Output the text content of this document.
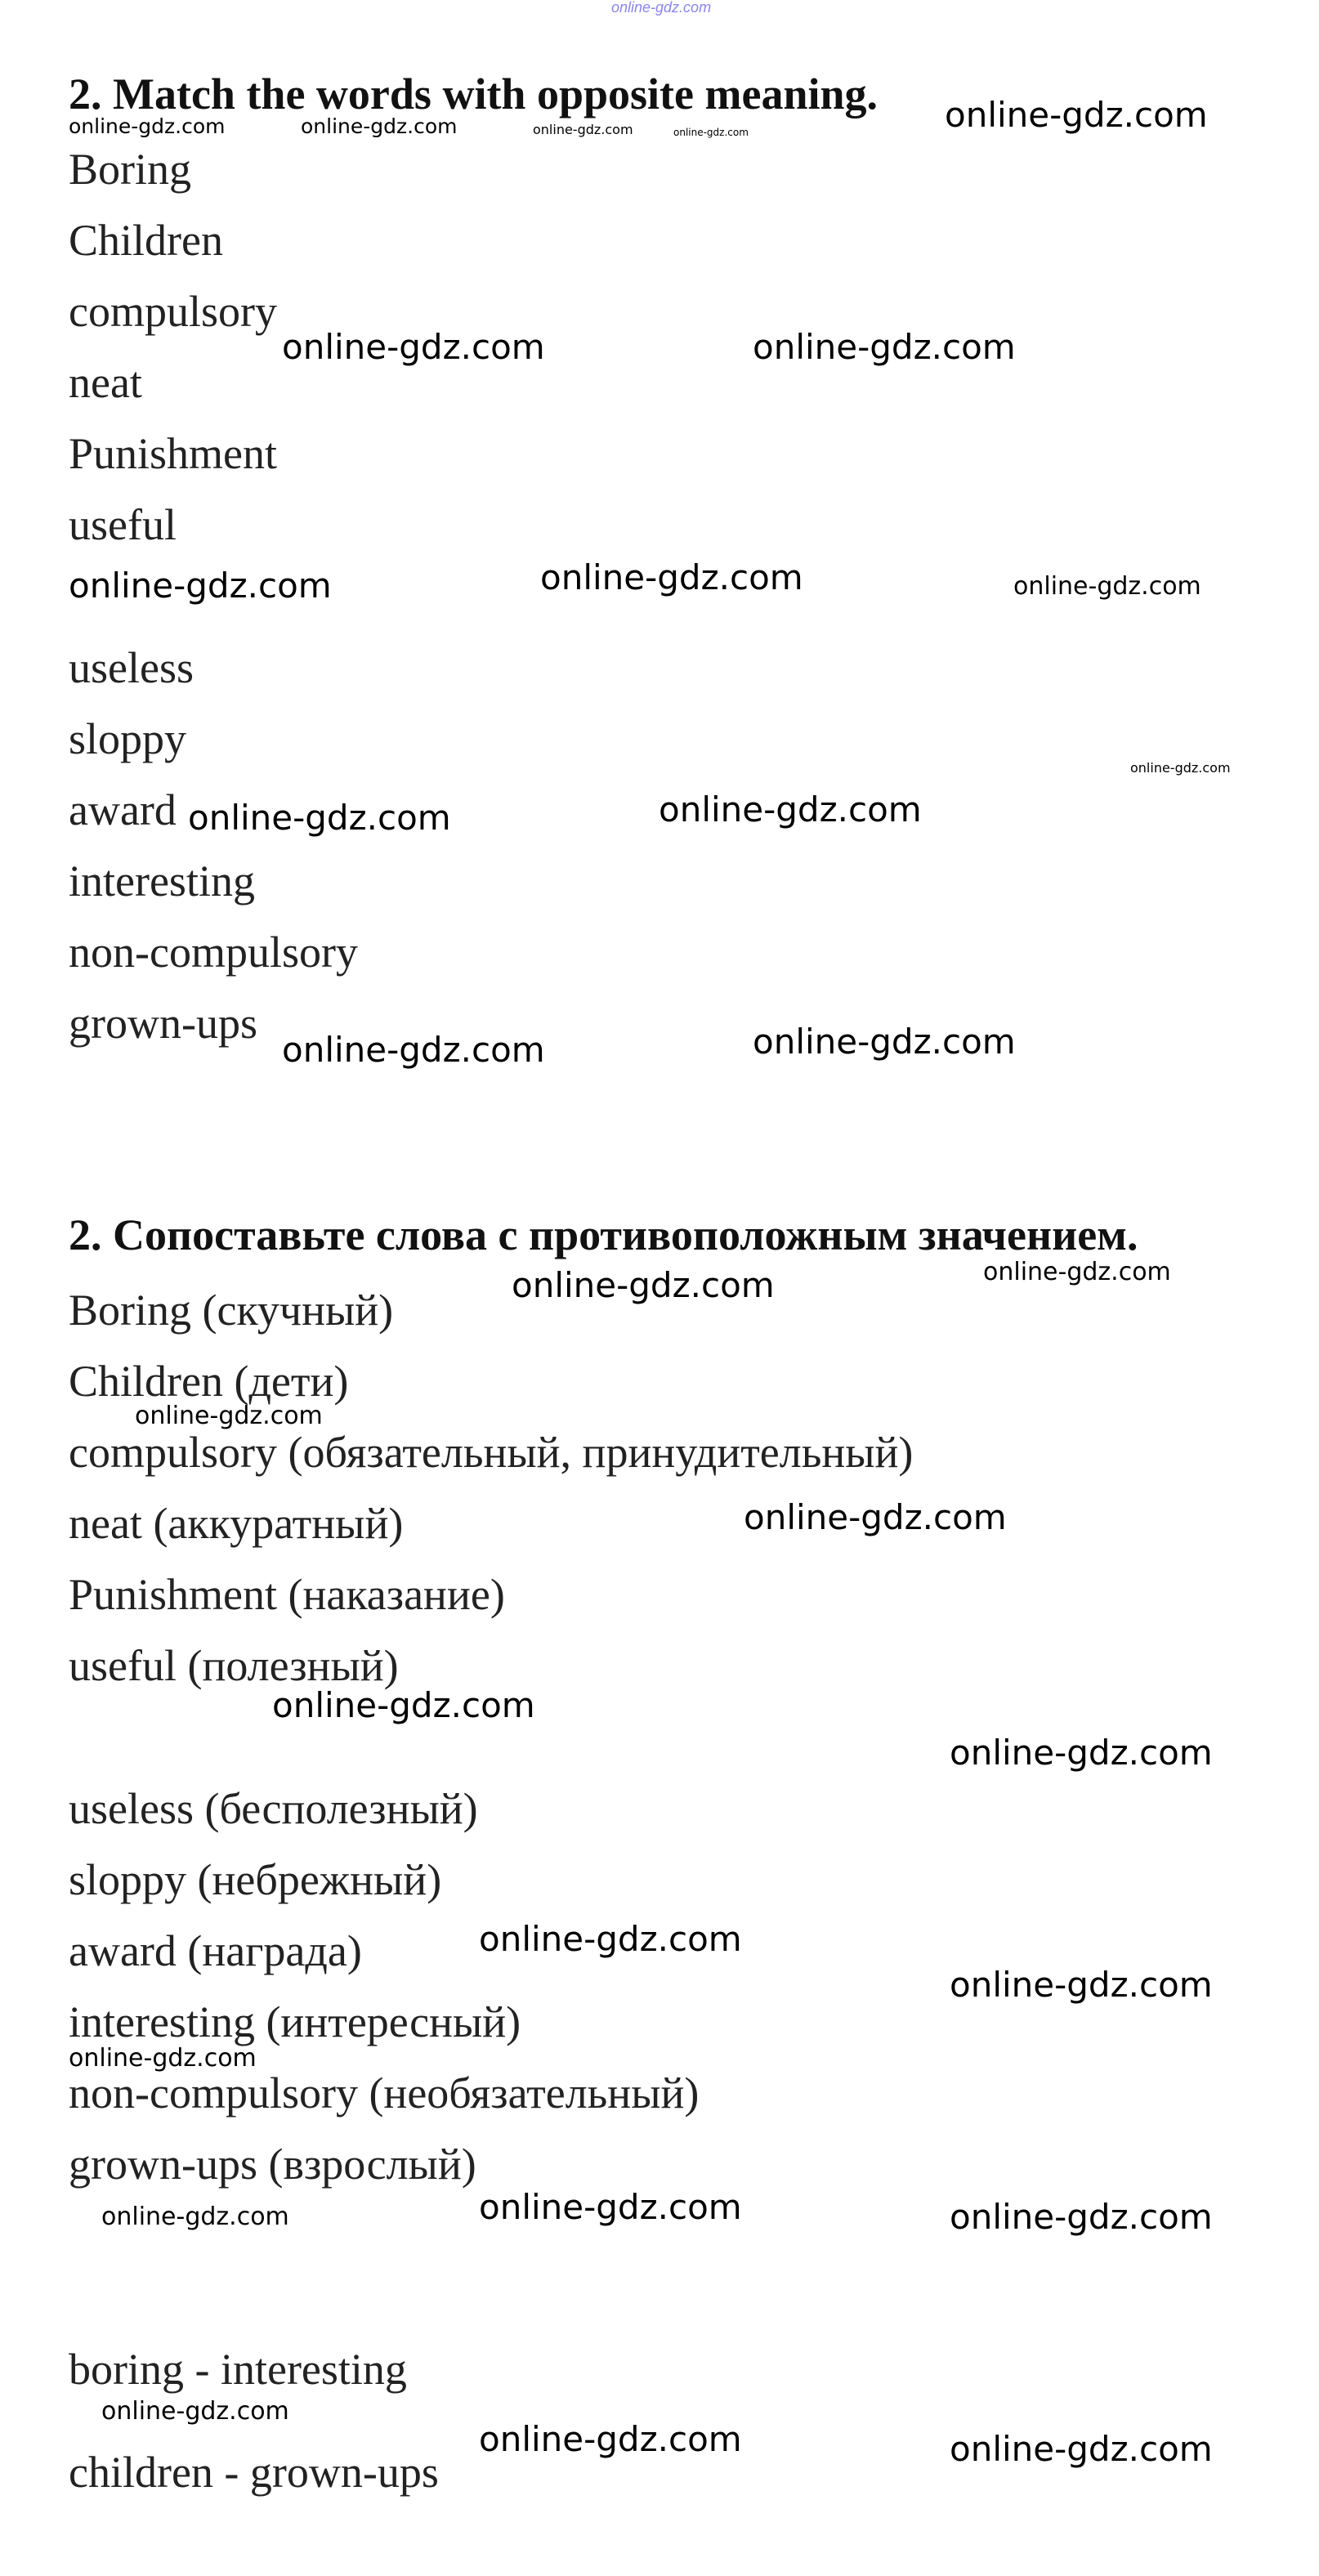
online-gdz.com
2. Match the words with opposite meaning.
Boring
Children
compulsory
neat
Punishment
useful
useless
sloppy
award
interesting
non-compulsory
grown-ups
2. Сопоставьте слова с противоположным значением.
Boring (скучный)
Children (дети)
compulsory (обязательный, принудительный)
neat (аккуратный)
Punishment (наказание)
useful (полезный)
useless (бесполезный)
sloppy (небрежный)
award (награда)
interesting (интересный)
non-compulsory (необязательный)
grown-ups (взрослый)
boring - interesting
children - grown-ups
online-gdz.com	online-gdz.com	online-gdz.com	online-gdz.com	online-gdz.com
online-gdz.com	online-gdz.com
online-gdz.com	online-gdz.com	online-gdz.com
online-gdz.com
online-gdz.com	online-gdz.com
online-gdz.com	online-gdz.com
online-gdz.com	online-gdz.com
online-gdz.com
online-gdz.com
online-gdz.com
online-gdz.com
online-gdz.com
online-gdz.com
online-gdz.com
online-gdz.com
online-gdz.com	online-gdz.com
online-gdz.com
online-gdz.com	online-gdz.com
